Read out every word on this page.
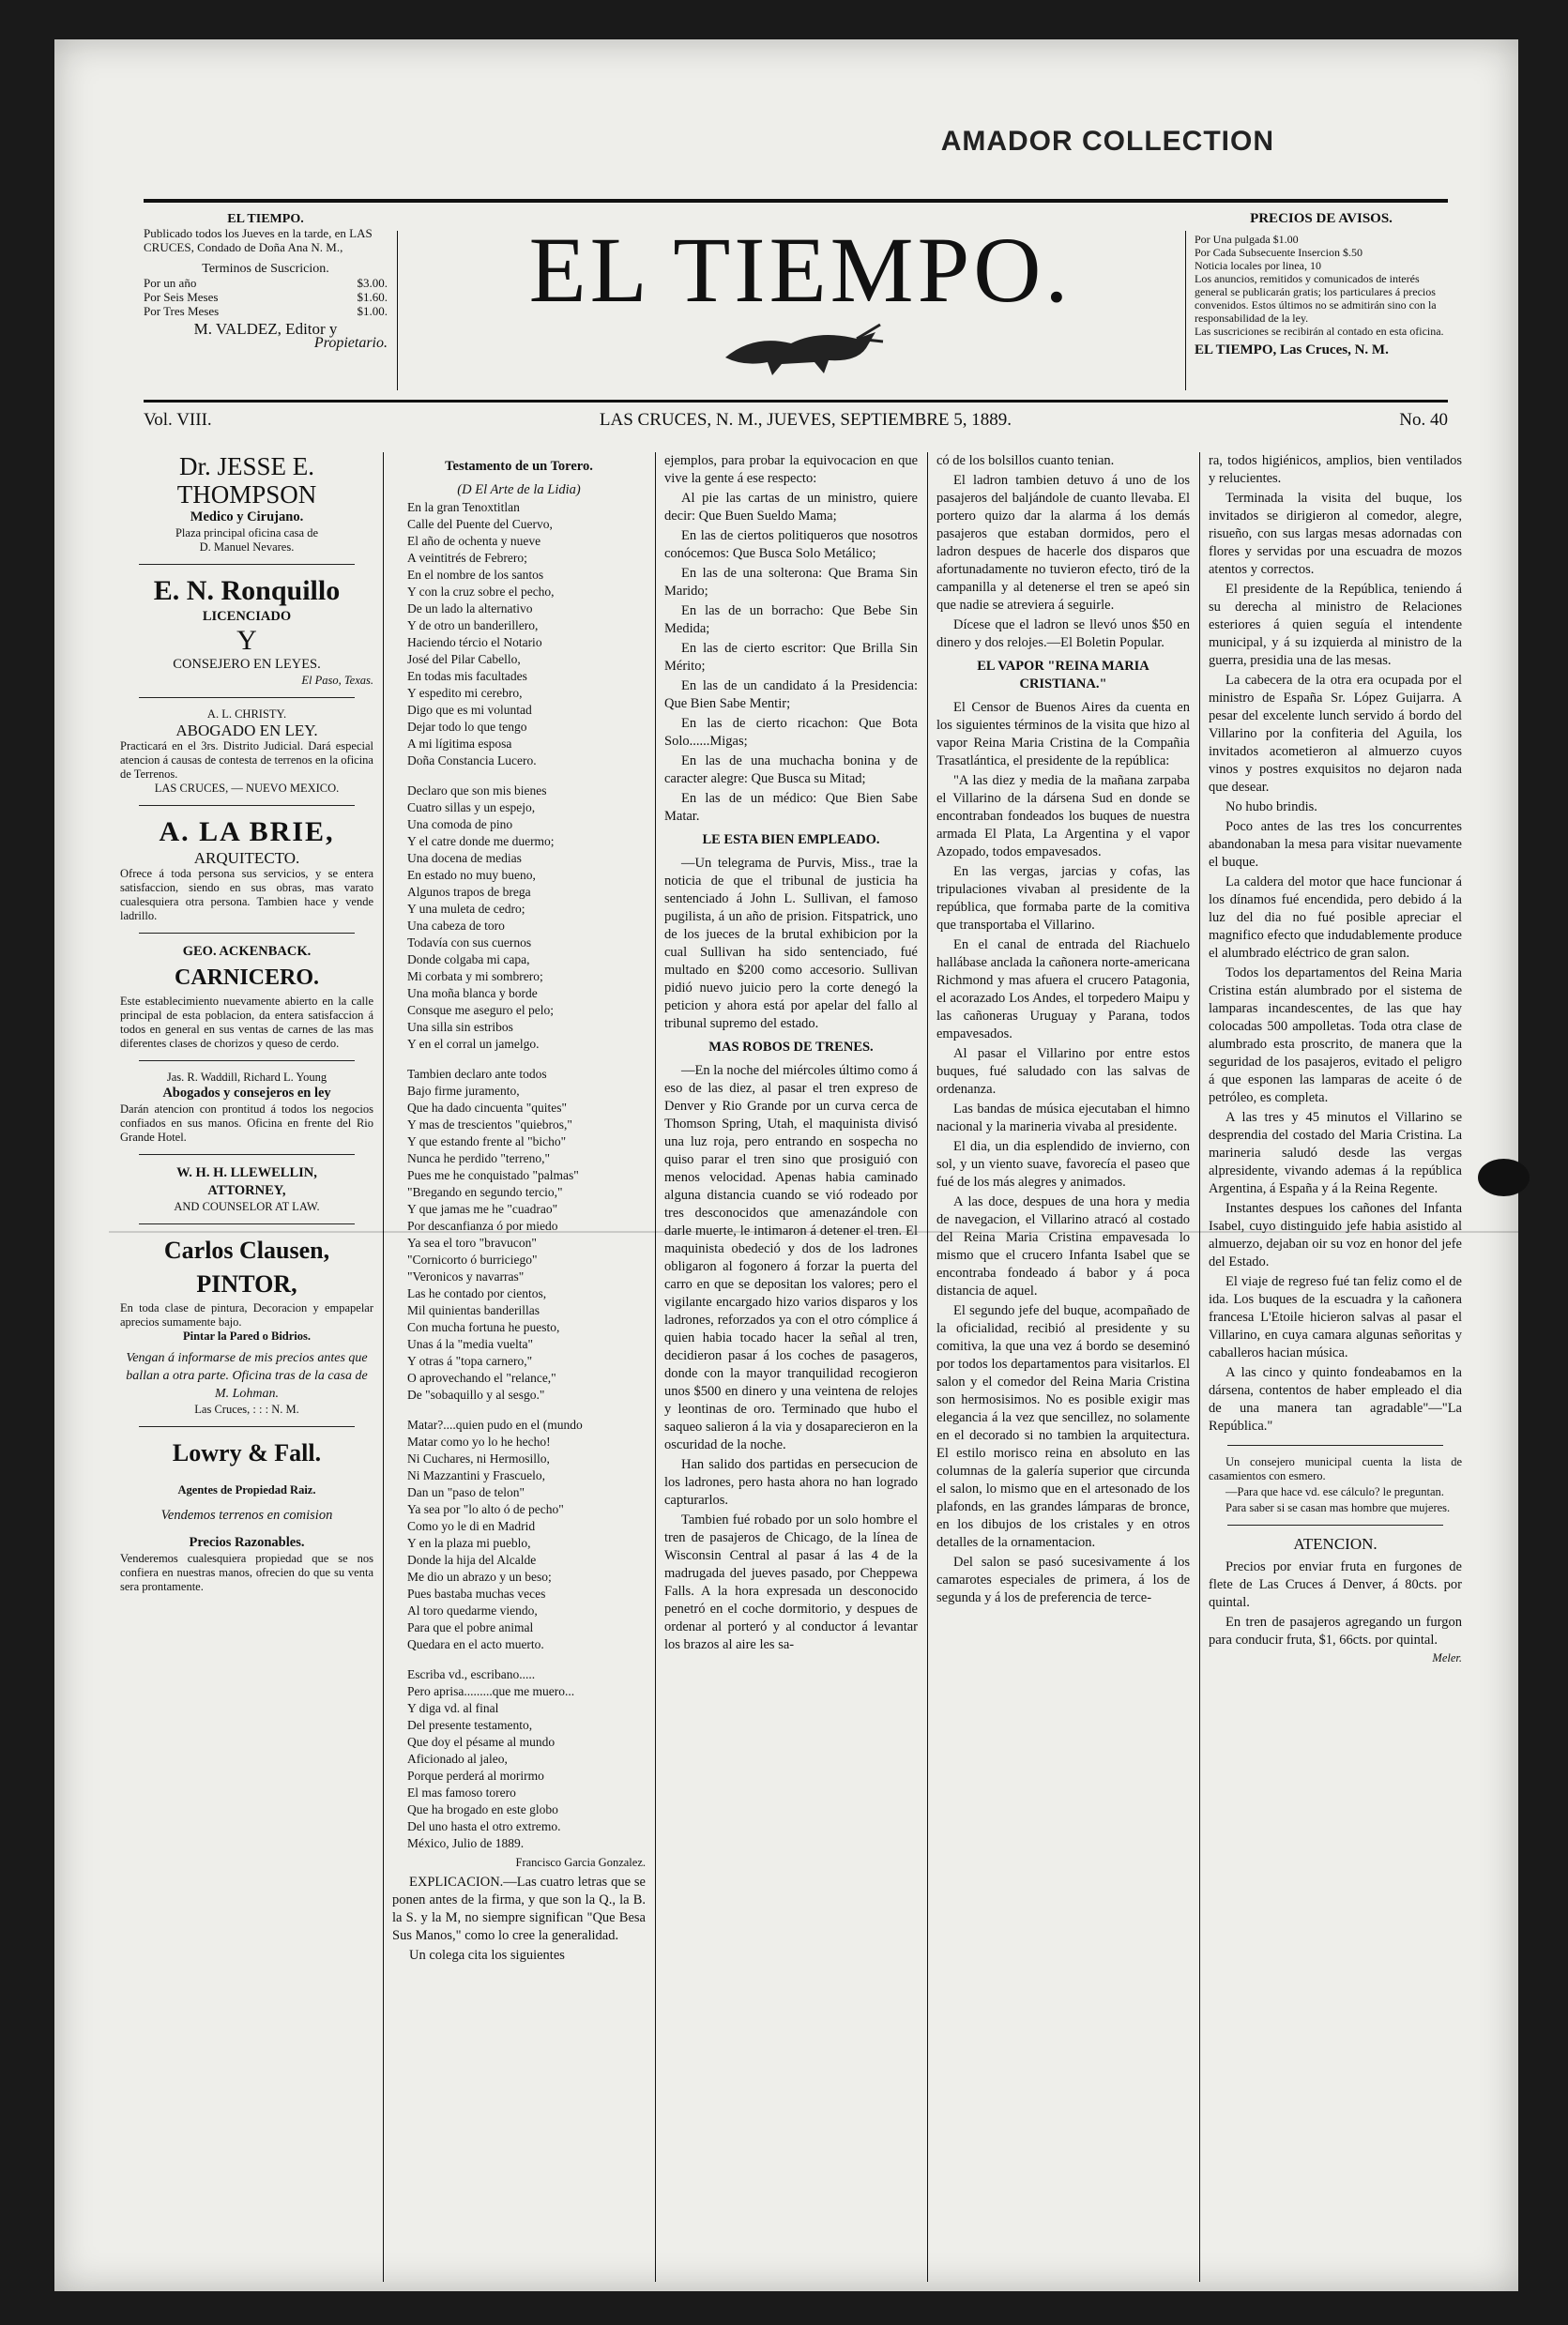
AMADOR COLLECTION
EL TIEMPO.
Publicado todos los Jueves en la tarde, en LAS CRUCES, Condado de Doña Ana N. M.,
Terminos de Suscricion.
Por un año	$3.00.
Por Seis Meses	$1.60.
Por Tres Meses	$1.00.
M. VALDEZ, Editor y
Propietario.
EL TIEMPO.	PRECIOS DE AVISOS.
Por Una pulgada $1.00
Por Cada Subsecuente Insercion $.50
Noticia locales por linea, 10
Los anuncios, remitidos y comunicados de interés general se publicarán gratis; los particulares á precios convenidos. Estos últimos no se admitirán sino con la responsabilidad de la ley.
Las suscriciones se recibirán al contado en esta oficina.
EL TIEMPO, Las Cruces, N. M.
Vol. VIII.	LAS CRUCES, N. M., JUEVES, SEPTIEMBRE 5, 1889.	No. 40
Dr. JESSE E. THOMPSON
Medico y Cirujano.
Plaza principal oficina casa de
D. Manuel Nevares.
E. N. Ronquillo
LICENCIADO
Y
CONSEJERO EN LEYES.
El Paso, Texas.
A. L. CHRISTY.
ABOGADO EN LEY.
Practicará en el 3rs. Distrito Judicial. Dará especial atencion á causas de contesta de terrenos en la oficina de Terrenos.
LAS CRUCES, — NUEVO MEXICO.
A. LA BRIE,
ARQUITECTO.
Ofrece á toda persona sus servicios, y se entera satisfaccion, siendo en sus obras, mas varato cualesquiera otra persona. Tambien hace y vende ladrillo.
GEO. ACKENBACK.
CARNICERO.
Este establecimiento nuevamente abierto en la calle principal de esta poblacion, da entera satisfaccion á todos en general en sus ventas de carnes de las mas diferentes clases de chorizos y queso de cerdo.
Jas. R. Waddill, Richard L. Young
Abogados y consejeros en ley
Darán atencion con prontitud á todos los negocios confiados en sus manos. Oficina en frente del Rio Grande Hotel.
W. H. H. LLEWELLIN,
ATTORNEY,
AND COUNSELOR AT LAW.
Carlos Clausen,
PINTOR,
En toda clase de pintura, Decoracion y empapelar aprecios sumamente bajo.
Pintar la Pared o Bidrios.
Vengan á informarse de mis precios antes que ballan a otra parte. Oficina tras de la casa de M. Lohman.
Las Cruces, : : : N. M.
Lowry & Fall.
Agentes de Propiedad Raiz.
Vendemos terrenos en comision
Precios Razonables.
Venderemos cualesquiera propiedad que se nos confiera en nuestras manos, ofrecien do que su venta sera prontamente.
Testamento de un Torero.
(D El Arte de la Lidia)

En la gran Tenoxtitlan

Calle del Puente del Cuervo,

El año de ochenta y nueve

A veintitrés de Febrero;

En el nombre de los santos

Y con la cruz sobre el pecho,

De un lado la alternativo

Y de otro un banderillero,

Haciendo tércio el Notario

José del Pilar Cabello,

En todas mis facultades

Y espedito mi cerebro,

Digo que es mi voluntad

Dejar todo lo que tengo

A mi lígitima esposa

Doña Constancia Lucero.

Declaro que son mis bienes

Cuatro sillas y un espejo,

Una comoda de pino

Y el catre donde me duermo;

Una docena de medias

En estado no muy bueno,

Algunos trapos de brega

Y una muleta de cedro;

Una cabeza de toro

Todavía con sus cuernos

Donde colgaba mi capa,

Mi corbata y mi sombrero;

Una moña blanca y borde

Consque me aseguro el pelo;

Una silla sin estribos

Y en el corral un jamelgo.

Tambien declaro ante todos

Bajo firme juramento,

Que ha dado cincuenta "quites"

Y mas de trescientos "quiebros,"

Y que estando frente al "bicho"

Nunca he perdido "terreno,"

Pues me he conquistado "palmas"

"Bregando en segundo tercio,"

Y que jamas me he "cuadrao"

Por descanfianza ó por miedo

Ya sea el toro "bravucon"

"Cornicorto ó burriciego"

"Veronicos y navarras"

Las he contado por cientos,

Mil quinientas banderillas

Con mucha fortuna he puesto,

Unas á la "media vuelta"

Y otras á "topa carnero,"

O aprovechando el "relance,"

De "sobaquillo y al sesgo."

Matar?....quien pudo en el (mundo

Matar como yo lo he hecho!

Ni Cuchares, ni Hermosillo,

Ni Mazzantini y Frascuelo,

Dan un "paso de telon"

Ya sea por "lo alto ó de pecho"

Como yo le di en Madrid

Y en la plaza mi pueblo,

Donde la hija del Alcalde

Me dio un abrazo y un beso;

Pues bastaba muchas veces

Al toro quedarme viendo,

Para que el pobre animal

Quedara en el acto muerto.

Escriba vd., escribano.....

Pero aprisa.........que me muero...

Y diga vd. al final

Del presente testamento,

Que doy el pésame al mundo

Aficionado al jaleo,

Porque perderá al morirmo

El mas famoso torero

Que ha brogado en este globo

Del uno hasta el otro extremo.

México, Julio de 1889.

Francisco Garcia Gonzalez.

EXPLICACION.—Las cuatro letras que se ponen antes de la firma, y que son la Q., la B. la S. y la M, no siempre significan "Que Besa Sus Manos," como lo cree la generalidad.

Un colega cita los siguientes

ejemplos, para probar la equivocacion en que vive la gente á ese respecto:

Al pie las cartas de un ministro, quiere decir: Que Buen Sueldo Mama;

En las de ciertos politiqueros que nosotros conócemos: Que Busca Solo Metálico;

En las de una solterona: Que Brama Sin Marido;

En las de un borracho: Que Bebe Sin Medida;

En las de cierto escritor: Que Brilla Sin Mérito;

En las de un candidato á la Presidencia: Que Bien Sabe Mentir;

En las de cierto ricachon: Que Bota Solo......Migas;

En las de una muchacha bonina y de caracter alegre: Que Busca su Mitad;

En las de un médico: Que Bien Sabe Matar.

LE ESTA BIEN EMPLEADO.

—Un telegrama de Purvis, Miss., trae la noticia de que el tribunal de justicia ha sentenciado á John L. Sullivan, el famoso pugilista, á un año de prision. Fitspatrick, uno de los jueces de la brutal exhibicion por la cual Sullivan ha sido sentenciado, fué multado en $200 como accesorio. Sullivan pidió nuevo juicio pero la corte denegó la peticion y ahora está por apelar del fallo al tribunal supremo del estado.

MAS ROBOS DE TRENES.

—En la noche del miércoles último como á eso de las diez, al pasar el tren expreso de Denver y Rio Grande por un curva cerca de Thomson Spring, Utah, el maquinista divisó una luz roja, pero entrando en sospecha no quiso parar el tren sino que prosiguió con menos velocidad. Apenas habia caminado alguna distancia cuando se vió rodeado por tres desconocidos que amenazándole con darle muerte, le intimaron á detener el tren. El maquinista obedeció y dos de los ladrones obligaron al fogonero á forzar la puerta del carro en que se depositan los valores; pero el vigilante encargado hizo varios disparos y los ladrones, reforzados ya con el otro cómplice á quien habia tocado hacer la señal al tren, decidieron pasar á los coches de pasageros, donde con la mayor tranquilidad recogieron unos $500 en dinero y una veintena de relojes y leontinas de oro. Terminado que hubo el saqueo salieron á la via y dosaparecieron en la oscuridad de la noche.

Han salido dos partidas en persecucion de los ladrones, pero hasta ahora no han logrado capturarlos.

Tambien fué robado por un solo hombre el tren de pasajeros de Chicago, de la línea de Wisconsin Central al pasar á las 4 de la madrugada del jueves pasado, por Cheppewa Falls. A la hora expresada un desconocido penetró en el coche dormitorio, y despues de ordenar al porteró y al conductor á levantar los brazos al aire les sa-

có de los bolsillos cuanto tenian.

El ladron tambien detuvo á uno de los pasajeros del baljándole de cuanto llevaba. El portero quizo dar la alarma á los demás pasajeros que estaban dormidos, pero el ladron despues de hacerle dos disparos que afortunadamente no tuvieron efecto, tiró de la campanilla y al detenerse el tren se apeó sin que nadie se atreviera á seguirle.

Dícese que el ladron se llevó unos $50 en dinero y dos relojes.—El Boletin Popular.

EL VAPOR "REINA MARIA CRISTIANA."

El Censor de Buenos Aires da cuenta en los siguientes términos de la visita que hizo al vapor Reina Maria Cristina de la Compañia Trasatlántica, el presidente de la república:

"A las diez y media de la mañana zarpaba el Villarino de la dársena Sud en donde se encontraban fondeados los buques de nuestra armada El Plata, La Argentina y el vapor Azopado, todos empavesados.

En las vergas, jarcias y cofas, las tripulaciones vivaban al presidente de la república, que formaba parte de la comitiva que transportaba el Villarino.

En el canal de entrada del Riachuelo hallábase anclada la cañonera norte-americana Richmond y mas afuera el crucero Patagonia, el acorazado Los Andes, el torpedero Maipu y las cañoneras Uruguay y Parana, todos empavesados.

Al pasar el Villarino por entre estos buques, fué saludado con las salvas de ordenanza.

Las bandas de música ejecutaban el himno nacional y la marineria vivaba al presidente.

El dia, un dia esplendido de invierno, con sol, y un viento suave, favorecía el paseo que fué de los más alegres y animados.

A las doce, despues de una hora y media de navegacion, el Villarino atracó al costado del Reina Maria Cristina empavesada lo mismo que el crucero Infanta Isabel que se encontraba fondeado á babor y á poca distancia de aquel.

El segundo jefe del buque, acompañado de la oficialidad, recibió al presidente y su comitiva, la que una vez á bordo se deseminó por todos los departamentos para visitarlos. El salon y el comedor del Reina Maria Cristina son hermosisimos. No es posible exigir mas elegancia á la vez que sencillez, no solamente en el decorado si no tambien la arquitectura. El estilo morisco reina en absoluto en las columnas de la galería superior que circunda el salon, lo mismo que en el artesonado de los plafonds, en las grandes lámparas de bronce, en los dibujos de los cristales y en otros detalles de la ornamentacion.

Del salon se pasó sucesivamente á los camarotes especiales de primera, á los de segunda y á los de preferencia de terce-

ra, todos higiénicos, amplios, bien ventilados y relucientes.

Terminada la visita del buque, los invitados se dirigieron al comedor, alegre, risueño, con sus largas mesas adornadas con flores y servidas por una escuadra de mozos atentos y correctos.

El presidente de la República, teniendo á su derecha al ministro de Relaciones esteriores á quien seguía el intendente municipal, y á su izquierda al ministro de la guerra, presidia una de las mesas.

La cabecera de la otra era ocupada por el ministro de España Sr. López Guijarra. A pesar del excelente lunch servido á bordo del Villarino por la confiteria del Aguila, los invitados acometieron al almuerzo cuyos vinos y postres exquisitos no dejaron nada que desear.

No hubo brindis.

Poco antes de las tres los concurrentes abandonaban la mesa para visitar nuevamente el buque.

La caldera del motor que hace funcionar á los dínamos fué encendida, pero debido á la luz del dia no fué posible apreciar el magnifico efecto que indudablemente produce el alumbrado eléctrico de gran salon.

Todos los departamentos del Reina Maria Cristina están alumbrado por el sistema de lamparas incandescentes, de las que hay colocadas 500 ampolletas. Toda otra clase de alumbrado esta proscrito, de manera que la seguridad de los pasajeros, evitado el peligro á que esponen las lamparas de aceite ó de petróleo, es completa.

A las tres y 45 minutos el Villarino se desprendia del costado del Maria Cristina. La marineria saludó desde las vergas alpresidente, vivando ademas á la república Argentina, á España y á la Reina Regente.

Instantes despues los cañones del Infanta Isabel, cuyo distinguido jefe habia asistido al almuerzo, dejaban oir su voz en honor del jefe del Estado.

El viaje de regreso fué tan feliz como el de ida. Los buques de la escuadra y la cañonera francesa L'Etoile hicieron salvas al pasar el Villarino, en cuya camara algunas señoritas y caballeros hacian música.

A las cinco y quinto fondeabamos en la dársena, contentos de haber empleado el dia de una manera tan agradable"—"La República."

Un consejero municipal cuenta la lista de casamientos con esmero.

—Para que hace vd. ese cálculo? le preguntan.

Para saber si se casan mas hombre que mujeres.

ATENCION.

Precios por enviar fruta en furgones de flete de Las Cruces á Denver, á 80cts. por quintal.

En tren de pasajeros agregando un furgon para conducir fruta, $1, 66cts. por quintal.

Meler.
